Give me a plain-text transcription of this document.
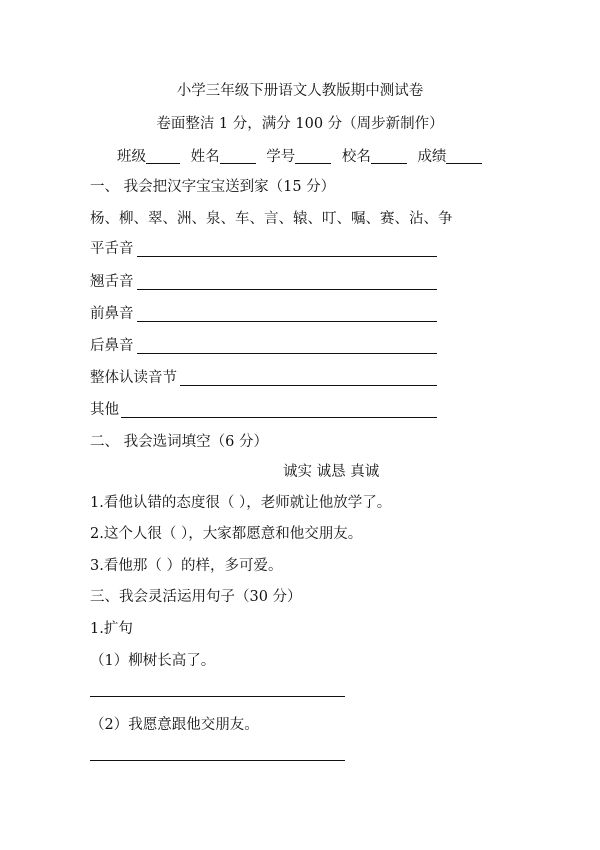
小学三年级下册语文人教版期中测试卷
卷面整洁 1 分，满分 100 分（周步新制作）
班级	姓名	学号	校名	成绩
一、 我会把汉字宝宝送到家（15 分）
杨、柳、翠、洲、泉、车、言、辕、叮、嘱、赛、沾、争
平舌音
翘舌音
前鼻音
后鼻音
整体认读音节
其他
二、 我会选词填空（6 分）
诚实 诚恳 真诚
1.看他认错的态度很（ ），老师就让他放学了。
2.这个人很（ ），大家都愿意和他交朋友。
3.看他那（ ）的样，多可爱。
三、我会灵活运用句子（30 分）
1.扩句
（1）柳树长高了。
（2）我愿意跟他交朋友。
